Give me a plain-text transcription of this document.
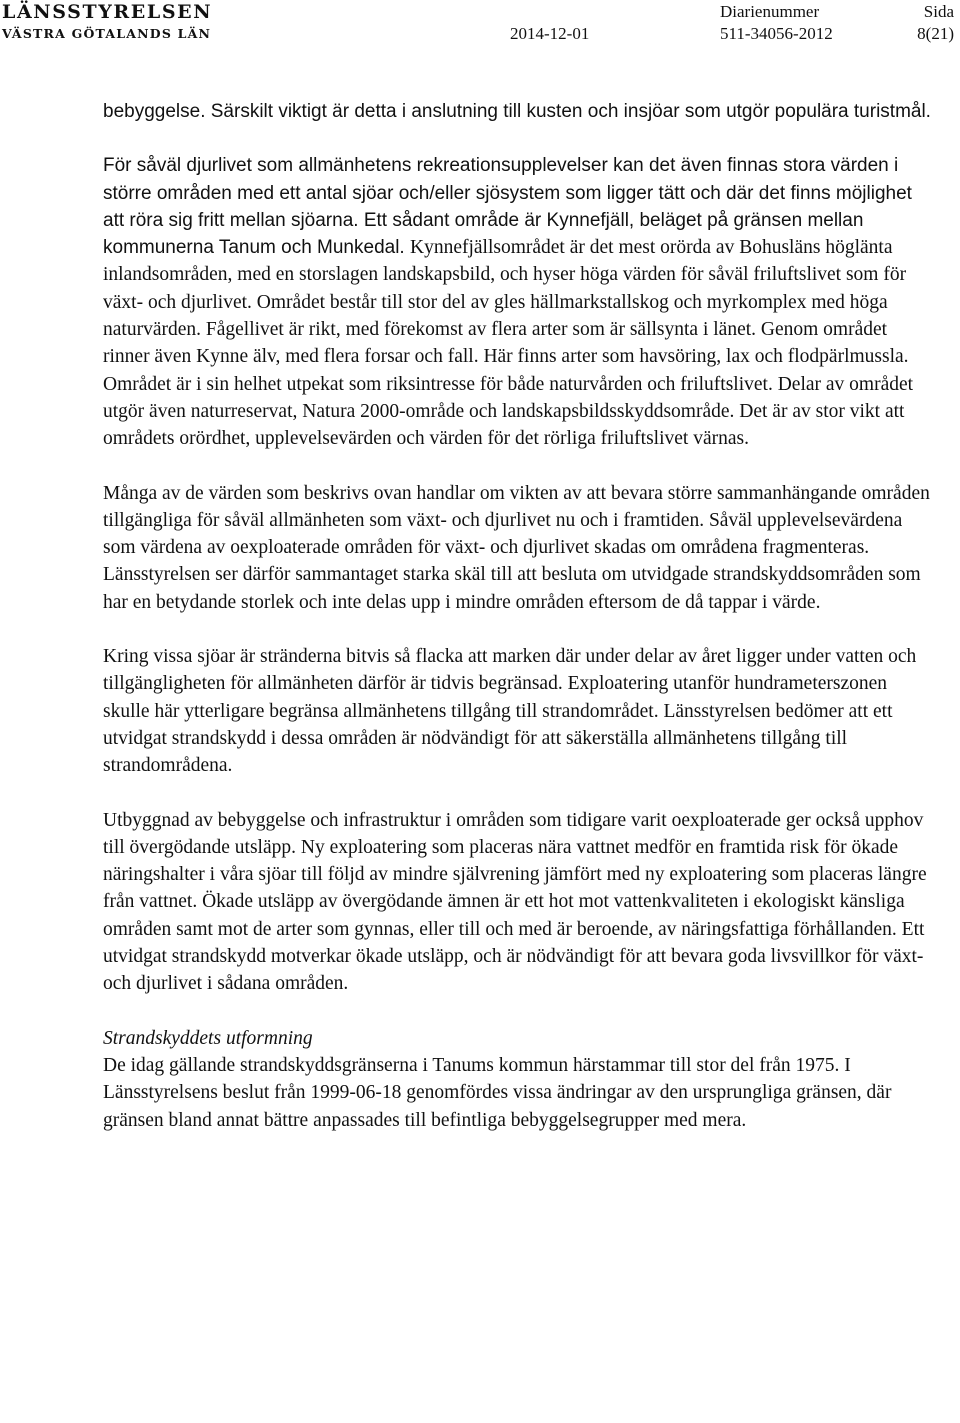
LÄNSSTYRELSEN
VÄSTRA GÖTALANDS LÄN	2014-12-01
Diarienummer
511-34056-2012
Sida
8(21)

bebyggelse. Särskilt viktigt är detta i anslutning till kusten och insjöar som utgör populära turistmål.

För såväl djurlivet som allmänhetens rekreationsupplevelser kan det även finnas stora värden i större områden med ett antal sjöar och/eller sjösystem som ligger tätt och där det finns möjlighet att röra sig fritt mellan sjöarna. Ett sådant område är Kynnefjäll, beläget på gränsen mellan kommunerna Tanum och Munkedal. Kynnefjällsområdet är det mest orörda av Bohusläns höglänta inlandsområden, med en storslagen landskapsbild, och hyser höga värden för såväl friluftslivet som för växt- och djurlivet. Området består till stor del av gles hällmarkstallskog och myrkomplex med höga naturvärden. Fågellivet är rikt, med förekomst av flera arter som är sällsynta i länet. Genom området rinner även Kynne älv, med flera forsar och fall. Här finns arter som havsöring, lax och flodpärlmussla. Området är i sin helhet utpekat som riksintresse för både naturvården och friluftslivet. Delar av området utgör även naturreservat, Natura 2000-område och landskapsbildsskyddsområde. Det är av stor vikt att områdets orördhet, upplevelsevärden och värden för det rörliga friluftslivet värnas.

Många av de värden som beskrivs ovan handlar om vikten av att bevara större sammanhängande områden tillgängliga för såväl allmänheten som växt- och djurlivet nu och i framtiden. Såväl upplevelsevärdena som värdena av oexploaterade områden för växt- och djurlivet skadas om områdena fragmenteras. Länsstyrelsen ser därför sammantaget starka skäl till att besluta om utvidgade strandskyddsområden som har en betydande storlek och inte delas upp i mindre områden eftersom de då tappar i värde.

Kring vissa sjöar är stränderna bitvis så flacka att marken där under delar av året ligger under vatten och tillgängligheten för allmänheten därför är tidvis begränsad. Exploatering utanför hundrameterszonen skulle här ytterligare begränsa allmänhetens tillgång till strandområdet. Länsstyrelsen bedömer att ett utvidgat strandskydd i dessa områden är nödvändigt för att säkerställa allmänhetens tillgång till strandområdena.

Utbyggnad av bebyggelse och infrastruktur i områden som tidigare varit oexploaterade ger också upphov till övergödande utsläpp. Ny exploatering som placeras nära vattnet medför en framtida risk för ökade näringshalter i våra sjöar till följd av mindre självrening jämfört med ny exploatering som placeras längre från vattnet. Ökade utsläpp av övergödande ämnen är ett hot mot vattenkvaliteten i ekologiskt känsliga områden samt mot de arter som gynnas, eller till och med är beroende, av näringsfattiga förhållanden. Ett utvidgat strandskydd motverkar ökade utsläpp, och är nödvändigt för att bevara goda livsvillkor för växt- och djurlivet i sådana områden.

Strandskyddets utformning
De idag gällande strandskyddsgränserna i Tanums kommun härstammar till stor del från 1975. I Länsstyrelsens beslut från 1999-06-18 genomfördes vissa ändringar av den ursprungliga gränsen, där gränsen bland annat bättre anpassades till befintliga bebyggelsegrupper med mera.
